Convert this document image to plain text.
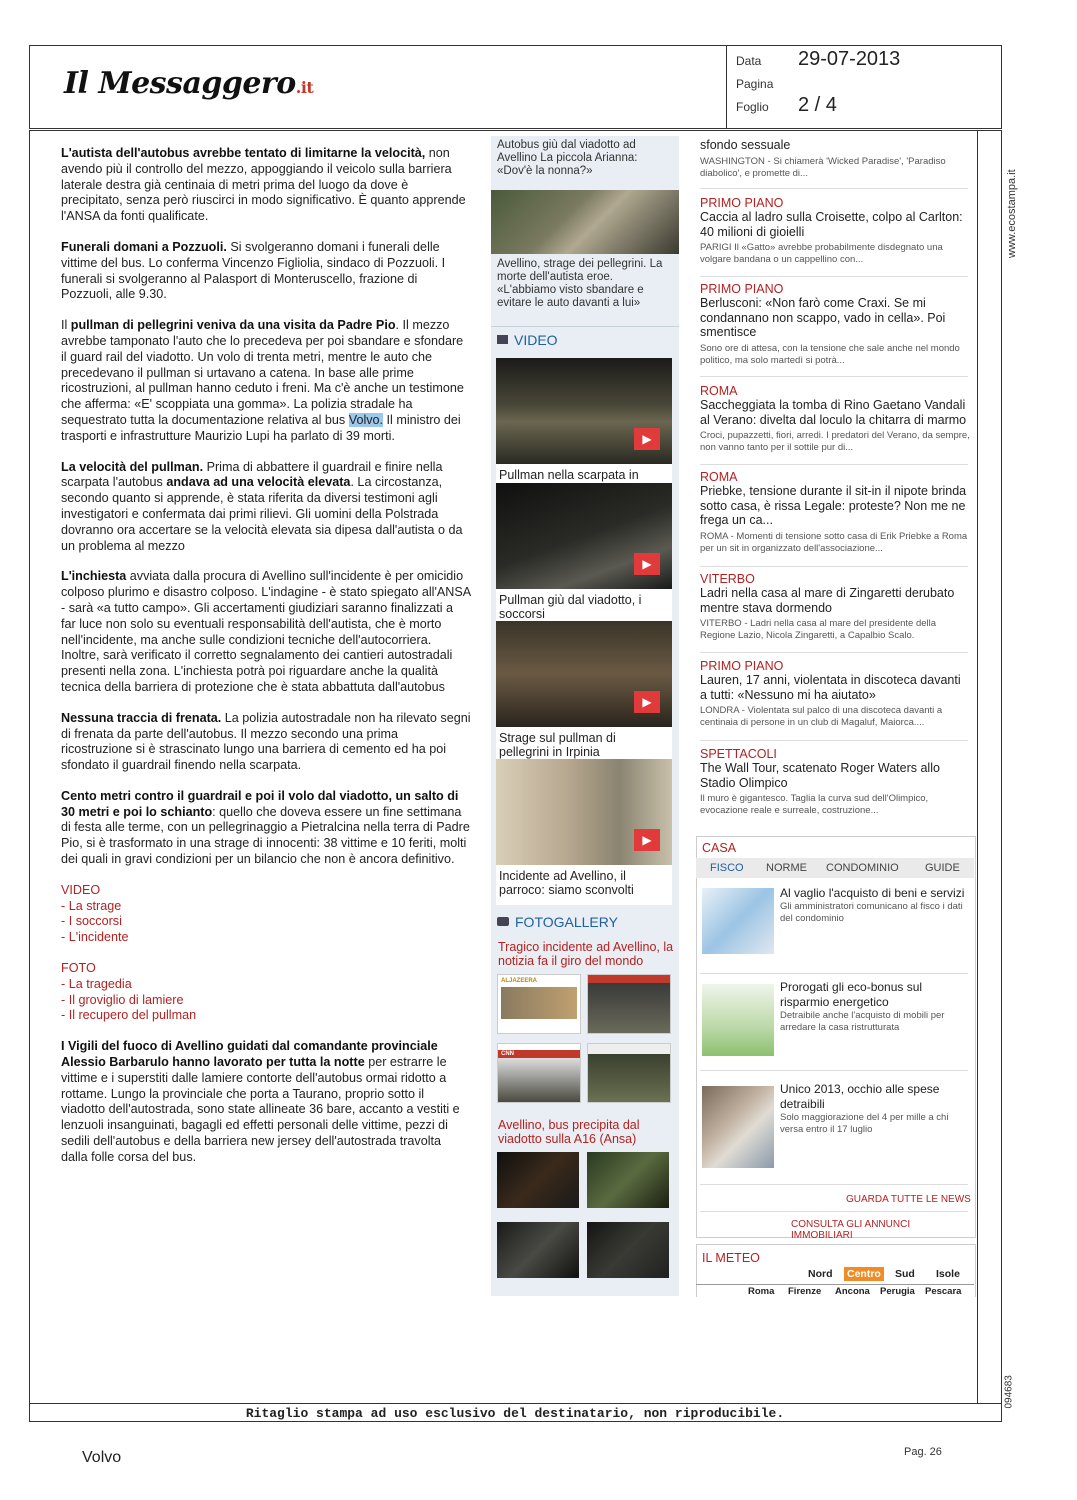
Il Messaggero.it
Data 29-07-2013
Pagina
Foglio 2 / 4
www.ecostampa.it
094683

L'autista dell'autobus avrebbe tentato di limitarne la velocità, non avendo più il controllo del mezzo, appoggiando il veicolo sulla barriera laterale destra già centinaia di metri prima del luogo da dove è precipitato, senza però riuscirci in modo significativo. È quanto apprende l'ANSA da fonti qualificate.

Funerali domani a Pozzuoli. Si svolgeranno domani i funerali delle vittime del bus. Lo conferma Vincenzo Figliolia, sindaco di Pozzuoli. I funerali si svolgeranno al Palasport di Monteruscello, frazione di Pozzuoli, alle 9.30.

Il pullman di pellegrini veniva da una visita da Padre Pio. Il mezzo avrebbe tamponato l'auto che lo precedeva per poi sbandare e sfondare il guard rail del viadotto. Un volo di trenta metri, mentre le auto che precedevano il pullman si urtavano a catena. In base alle prime ricostruzioni, al pullman hanno ceduto i freni. Ma c'è anche un testimone che afferma: «E' scoppiata una gomma». La polizia stradale ha sequestrato tutta la documentazione relativa al bus Volvo. Il ministro dei trasporti e infrastrutture Maurizio Lupi ha parlato di 39 morti.

La velocità del pullman. Prima di abbattere il guardrail e finire nella scarpata l'autobus andava ad una velocità elevata. La circostanza, secondo quanto si apprende, è stata riferita da diversi testimoni agli investigatori e confermata dai primi rilievi. Gli uomini della Polstrada dovranno ora accertare se la velocità elevata sia dipesa dall'autista o da un problema al mezzo

L'inchiesta avviata dalla procura di Avellino sull'incidente è per omicidio colposo plurimo e disastro colposo. L'indagine - è stato spiegato all'ANSA - sarà «a tutto campo». Gli accertamenti giudiziari saranno finalizzati a far luce non solo su eventuali responsabilità dell'autista, che è morto nell'incidente, ma anche sulle condizioni tecniche dell'autocorriera. Inoltre, sarà verificato il corretto segnalamento dei cantieri autostradali presenti nella zona. L'inchiesta potrà poi riguardare anche la qualità tecnica della barriera di protezione che è stata abbattuta dall'autobus

Nessuna traccia di frenata. La polizia autostradale non ha rilevato segni di frenata da parte dell'autobus. Il mezzo secondo una prima ricostruzione si è strascinato lungo una barriera di cemento ed ha poi sfondato il guardrail finendo nella scarpata.

Cento metri contro il guardrail e poi il volo dal viadotto, un salto di 30 metri e poi lo schianto: quello che doveva essere un fine settimana di festa alle terme, con un pellegrinaggio a Pietralcina nella terra di Padre Pio, si è trasformato in una strage di innocenti: 38 vittime e 10 feriti, molti dei quali in gravi condizioni per un bilancio che non è ancora definitivo.

VIDEO
- La strage
- I soccorsi
- L'incidente
FOTO
- La tragedia
- Il groviglio di lamiere
- Il recupero del pullman

I Vigili del fuoco di Avellino guidati dal comandante provinciale Alessio Barbarulo hanno lavorato per tutta la notte per estrarre le vittime e i superstiti dalle lamiere contorte dell'autobus ormai ridotto a rottame. Lungo la provinciale che porta a Taurano, proprio sotto il viadotto dell'autostrada, sono state allineate 36 bare, accanto a vestiti e lenzuoli insanguinati, bagagli ed effetti personali delle vittime, pezzi di sedili dell'autobus e della barriera new jersey dell'autostrada travolta dalla folle corsa del bus.

Autobus giù dal viadotto ad Avellino La piccola Arianna: «Dov'è la nonna?»
Avellino, strage dei pellegrini. La morte dell'autista eroe. «L'abbiamo visto sbandare e evitare le auto davanti a lui»
VIDEO
▶
Pullman nella scarpata in
▶
Pullman giù dal viadotto, i soccorsi
▶
Strage sul pullman di pellegrini in Irpinia
▶
Incidente ad Avellino, il parroco: siamo sconvolti
FOTOGALLERY
Tragico incidente ad Avellino, la notizia fa il giro del mondo
ALJAZEERA
CNN
Avellino, bus precipita dal viadotto sulla A16 (Ansa)
sfondo sessuale
WASHINGTON - Si chiamerà 'Wicked Paradise', 'Paradiso diabolico', e promette di...
PRIMO PIANO
Caccia al ladro sulla Croisette, colpo al Carlton: 40 milioni di gioielli
PARIGI Il «Gatto» avrebbe probabilmente disdegnato una volgare bandana o un cappellino con...
PRIMO PIANO
Berlusconi: «Non farò come Craxi. Se mi condannano non scappo, vado in cella». Poi smentisce
Sono ore di attesa, con la tensione che sale anche nel mondo politico, ma solo martedì si potrà...
ROMA
Saccheggiata la tomba di Rino Gaetano Vandali al Verano: divelta dal loculo la chitarra di marmo
Croci, pupazzetti, fiori, arredi. I predatori del Verano, da sempre, non vanno tanto per il sottile pur di...
ROMA
Priebke, tensione durante il sit-in il nipote brinda sotto casa, è rissa Legale: proteste? Non me ne frega un ca...
ROMA - Momenti di tensione sotto casa di Erik Priebke a Roma per un sit in organizzato dell'associazione...
VITERBO
Ladri nella casa al mare di Zingaretti derubato mentre stava dormendo
VITERBO - Ladri nella casa al mare del presidente della Regione Lazio, Nicola Zingaretti, a Capalbio Scalo.
PRIMO PIANO
Lauren, 17 anni, violentata in discoteca davanti a tutti: «Nessuno mi ha aiutato»
LONDRA - Violentata sul palco di una discoteca davanti a centinaia di persone in un club di Magaluf, Maiorca....
SPETTACOLI
The Wall Tour, scatenato Roger Waters allo Stadio Olimpico
Il muro è gigantesco. Taglia la curva sud dell'Olimpico, evocazione reale e surreale, costruzione...
CASA
FISCO NORME CONDOMINIO GUIDE
Al vaglio l'acquisto di beni e servizi
Gli amministratori comunicano al fisco i dati del condominio
Prorogati gli eco-bonus sul risparmio energetico
Detraibile anche l'acquisto di mobili per arredare la casa ristrutturata
Unico 2013, occhio alle spese detraibili
Solo maggiorazione del 4 per mille a chi versa entro il 17 luglio
GUARDA TUTTE LE NEWS
CONSULTA GLI ANNUNCI IMMOBILIARI
IL METEO
Nord Centro Sud Isole
Roma Firenze Ancona Perugia Pescara
Ritaglio stampa ad uso esclusivo del destinatario, non riproducibile.
Volvo	Pag. 26
